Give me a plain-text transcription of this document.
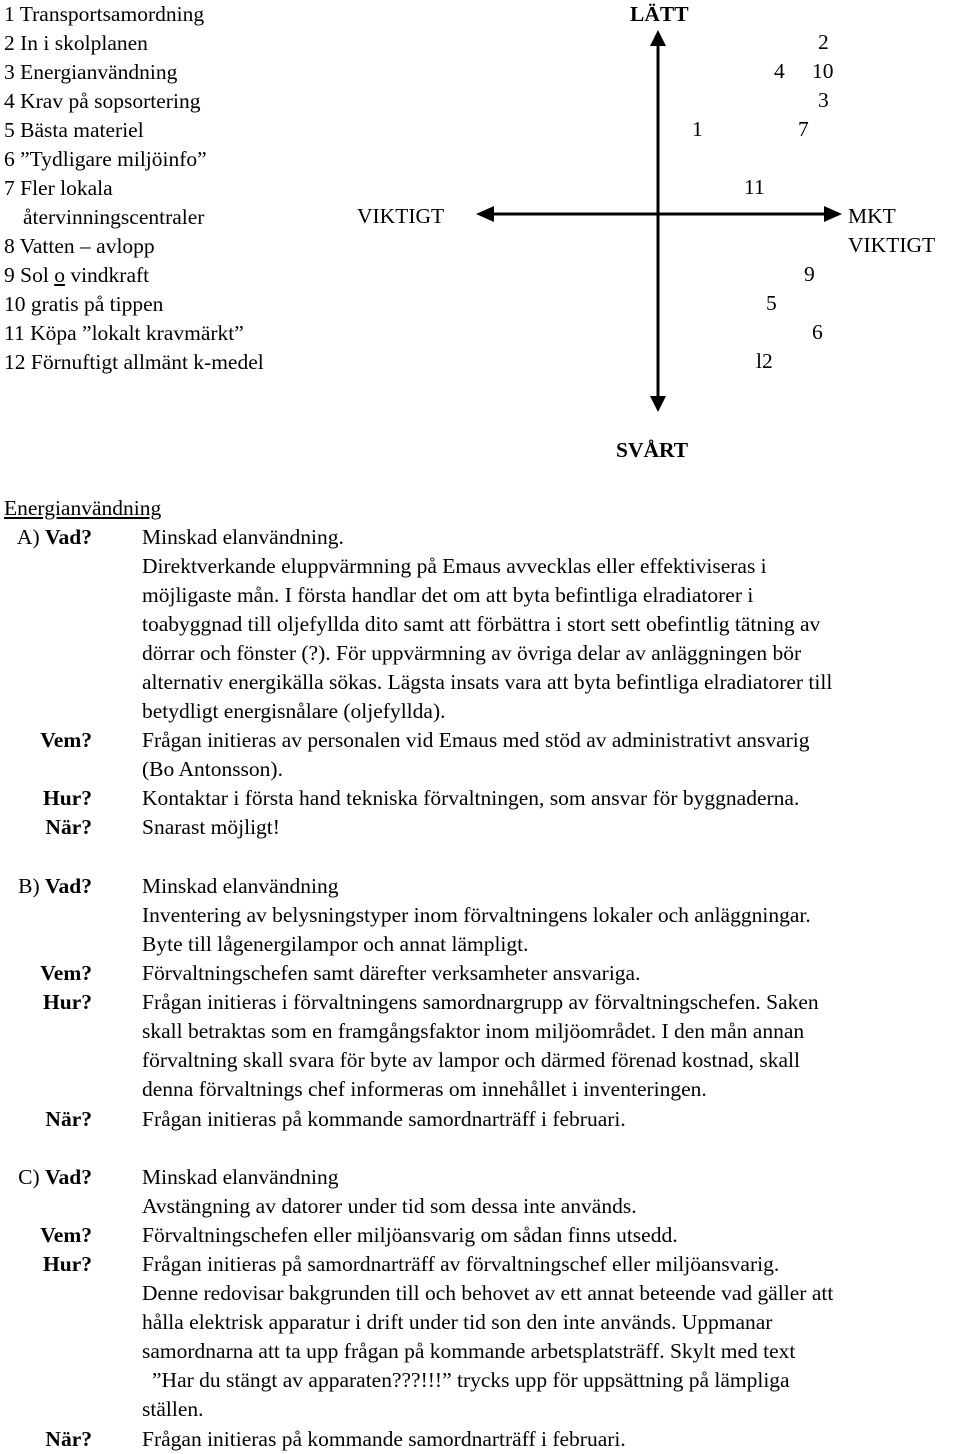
1 Transportsamordning
2 In i skolplanen
3 Energianvändning
4 Krav på sopsortering
5 Bästa materiel
6 ”Tydligare miljöinfo”
7 Fler lokala
återvinningscentraler
8 Vatten – avlopp
9 Sol o vindkraft
10 gratis på tippen
11 Köpa ”lokalt kravmärkt”
12 Förnuftigt allmänt k-medel
LÄTT
SVÅRT
VIKTIGT	MKT
VIKTIGT
2
4 10
3
1	7
11
9
5
6
l2
Energianvändning
A) Vad? Minskad elanvändning.
Direktverkande eluppvärmning på Emaus avvecklas eller effektiviseras i
möjligaste mån. I första handlar det om att byta befintliga elradiatorer i
toabyggnad till oljefyllda dito samt att förbättra i stort sett obefintlig tätning av
dörrar och fönster (?). För uppvärmning av övriga delar av anläggningen bör
alternativ energikälla sökas. Lägsta insats vara att byta befintliga elradiatorer till
betydligt energisnålare (oljefyllda).
Vem? Frågan initieras av personalen vid Emaus med stöd av administrativt ansvarig
(Bo Antonsson).
Hur? Kontaktar i första hand tekniska förvaltningen, som ansvar för byggnaderna.
När? Snarast möjligt!
B) Vad? Minskad elanvändning
Inventering av belysningstyper inom förvaltningens lokaler och anläggningar.
Byte till lågenergilampor och annat lämpligt.
Vem? Förvaltningschefen samt därefter verksamheter ansvariga.
Hur? Frågan initieras i förvaltningens samordnargrupp av förvaltningschefen. Saken
skall betraktas som en framgångsfaktor inom miljöområdet. I den mån annan
förvaltning skall svara för byte av lampor och därmed förenad kostnad, skall
denna förvaltnings chef informeras om innehållet i inventeringen.
När? Frågan initieras på kommande samordnarträff i februari.
C) Vad? Minskad elanvändning
Avstängning av datorer under tid som dessa inte används.
Vem? Förvaltningschefen eller miljöansvarig om sådan finns utsedd.
Hur? Frågan initieras på samordnarträff av förvaltningschef eller miljöansvarig.
Denne redovisar bakgrunden till och behovet av ett annat beteende vad gäller att
hålla elektrisk apparatur i drift under tid son den inte används. Uppmanar
samordnarna att ta upp frågan på kommande arbetsplatsträff. Skylt med text
”Har du stängt av apparaten???!!!” trycks upp för uppsättning på lämpliga
ställen.
När? Frågan initieras på kommande samordnarträff i februari.
